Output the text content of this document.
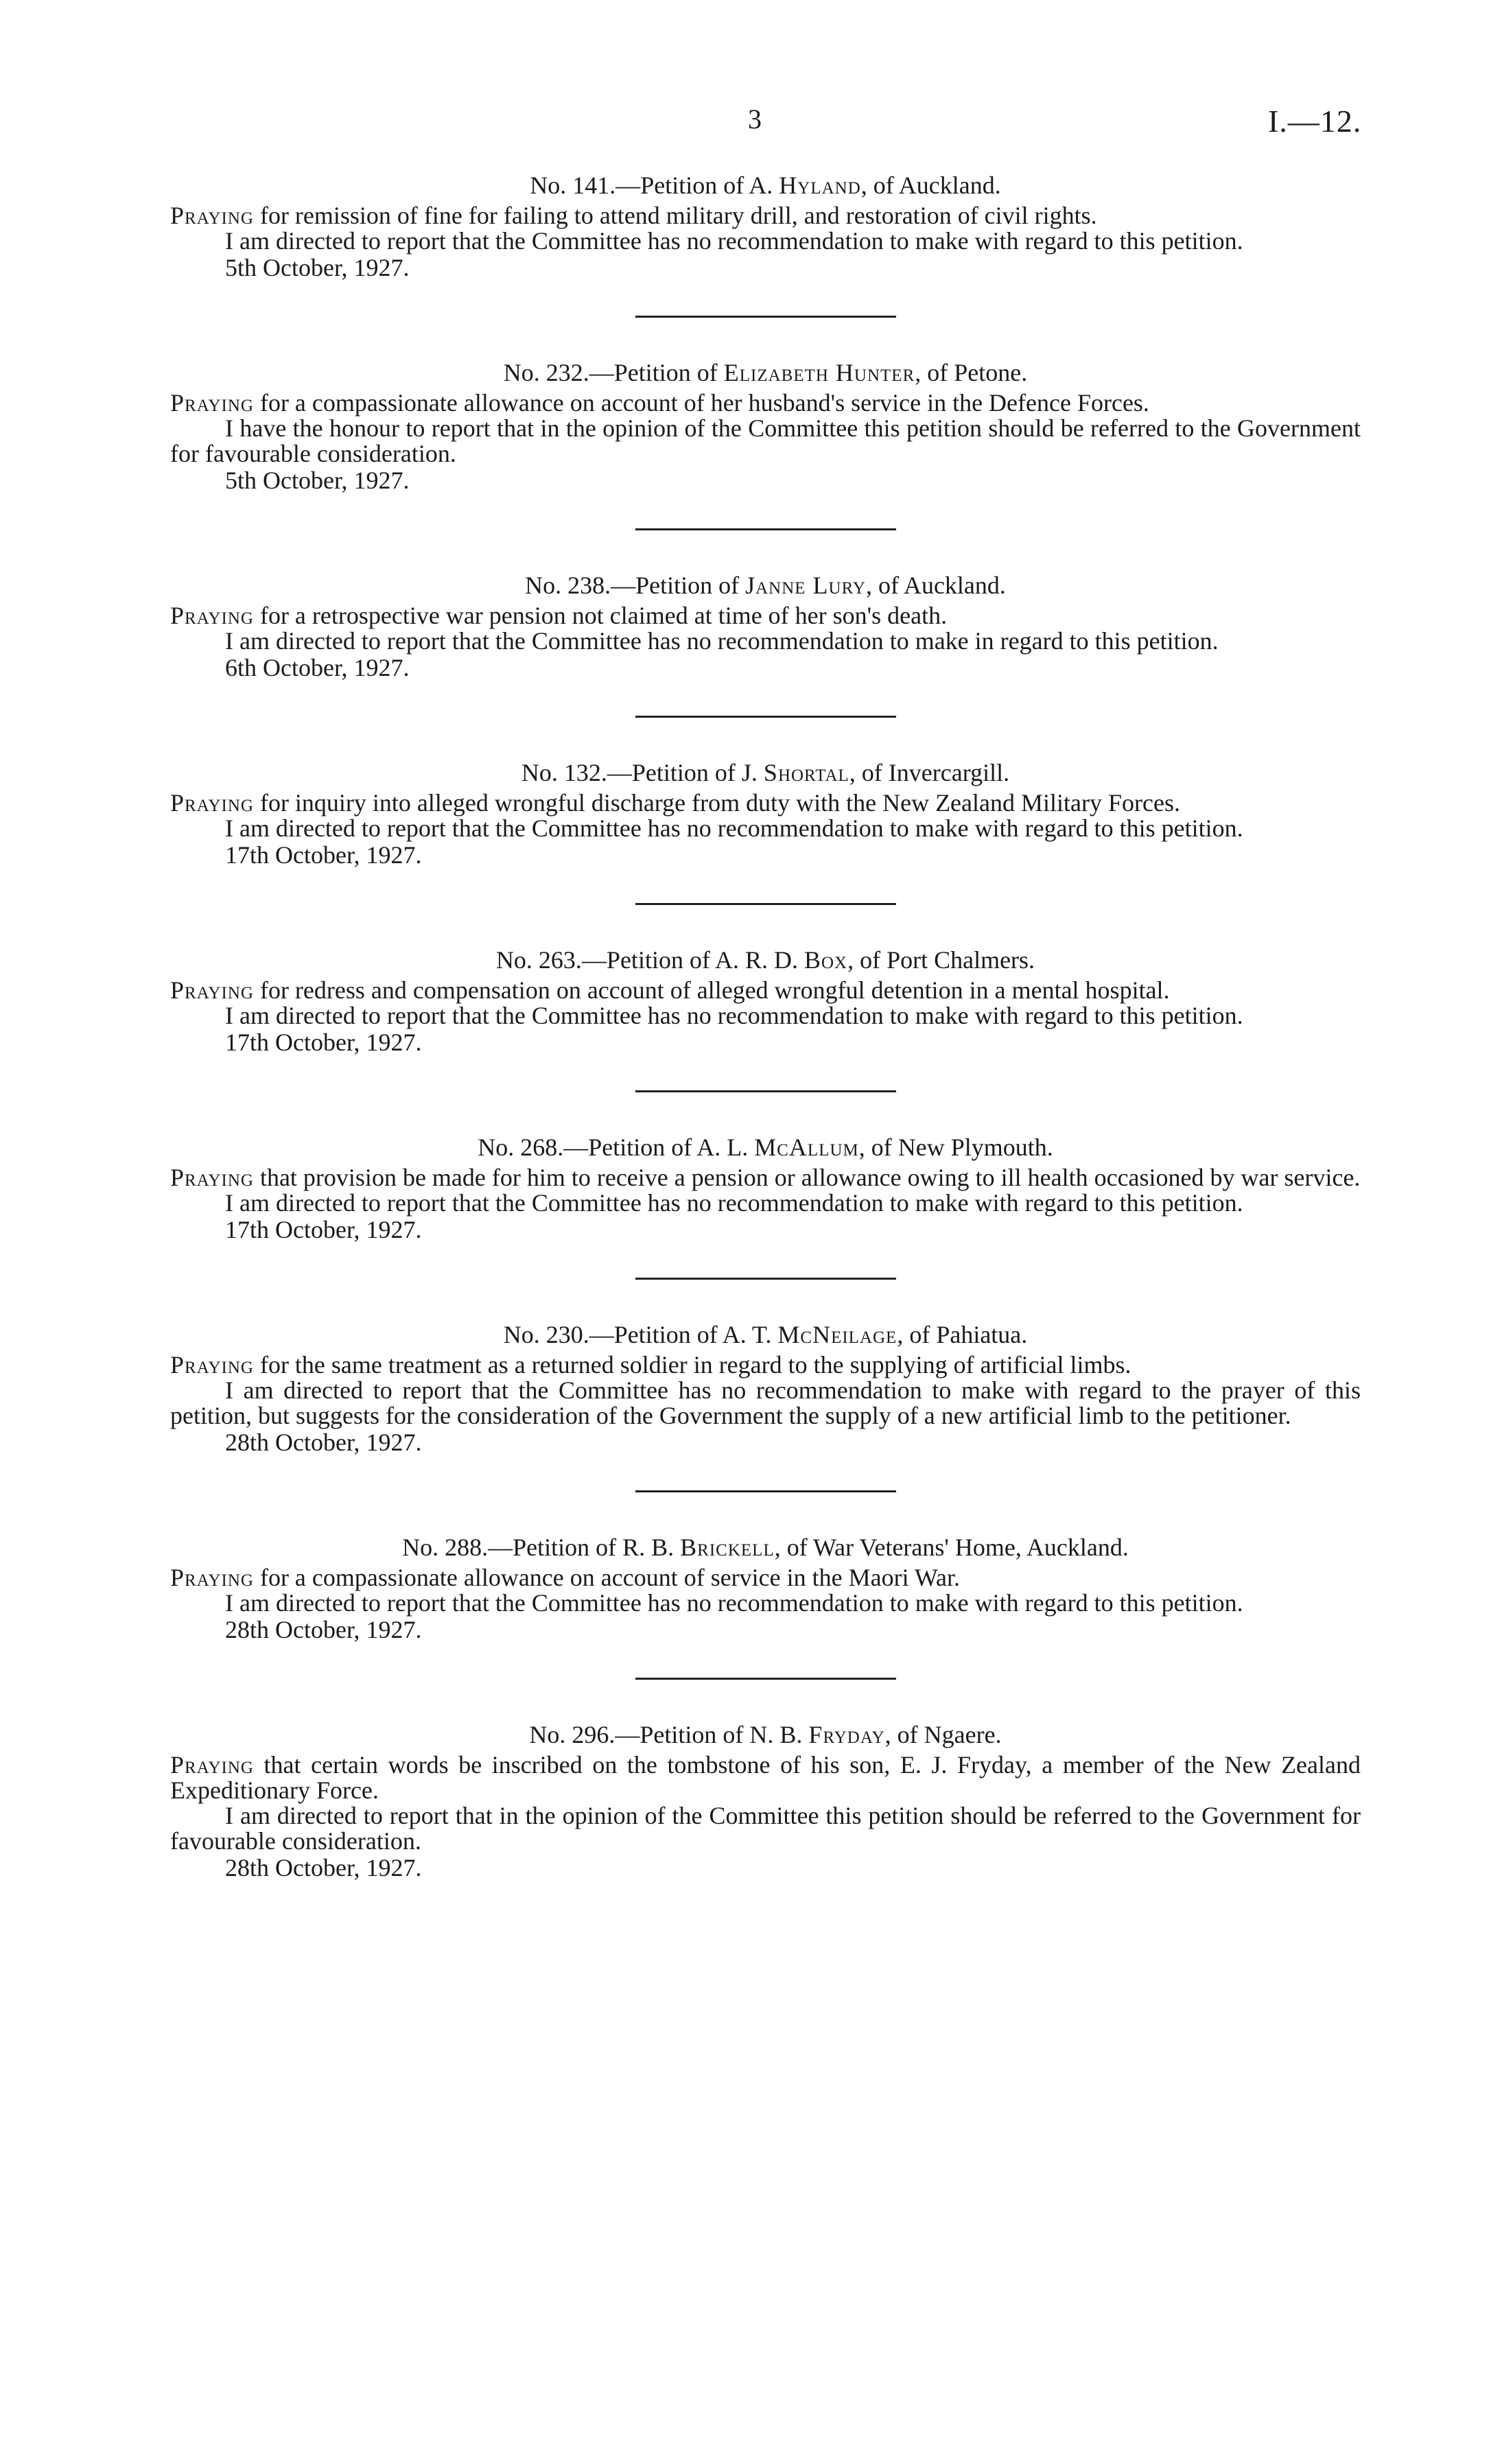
3	I.—12.

No. 141.—Petition of A. Hyland, of Auckland.

Praying for remission of fine for failing to attend military drill, and restoration of civil rights.

I am directed to report that the Committee has no recommendation to make with regard to this petition.

5th October, 1927.

No. 232.—Petition of Elizabeth Hunter, of Petone.

Praying for a compassionate allowance on account of her husband's service in the Defence Forces.

I have the honour to report that in the opinion of the Committee this petition should be referred to the Government for favourable consideration.

5th October, 1927.

No. 238.—Petition of Janne Lury, of Auckland.

Praying for a retrospective war pension not claimed at time of her son's death.

I am directed to report that the Committee has no recommendation to make in regard to this petition.

6th October, 1927.

No. 132.—Petition of J. Shortal, of Invercargill.

Praying for inquiry into alleged wrongful discharge from duty with the New Zealand Military Forces.

I am directed to report that the Committee has no recommendation to make with regard to this petition.

17th October, 1927.

No. 263.—Petition of A. R. D. Box, of Port Chalmers.

Praying for redress and compensation on account of alleged wrongful detention in a mental hospital.

I am directed to report that the Committee has no recommendation to make with regard to this petition.

17th October, 1927.

No. 268.—Petition of A. L. McAllum, of New Plymouth.

Praying that provision be made for him to receive a pension or allowance owing to ill health occasioned by war service.

I am directed to report that the Committee has no recommendation to make with regard to this petition.

17th October, 1927.

No. 230.—Petition of A. T. McNeilage, of Pahiatua.

Praying for the same treatment as a returned soldier in regard to the supplying of artificial limbs.

I am directed to report that the Committee has no recommendation to make with regard to the prayer of this petition, but suggests for the consideration of the Government the supply of a new artificial limb to the petitioner.

28th October, 1927.

No. 288.—Petition of R. B. Brickell, of War Veterans' Home, Auckland.

Praying for a compassionate allowance on account of service in the Maori War.

I am directed to report that the Committee has no recommendation to make with regard to this petition.

28th October, 1927.

No. 296.—Petition of N. B. Fryday, of Ngaere.

Praying that certain words be inscribed on the tombstone of his son, E. J. Fryday, a member of the New Zealand Expeditionary Force.

I am directed to report that in the opinion of the Committee this petition should be referred to the Government for favourable consideration.

28th October, 1927.
